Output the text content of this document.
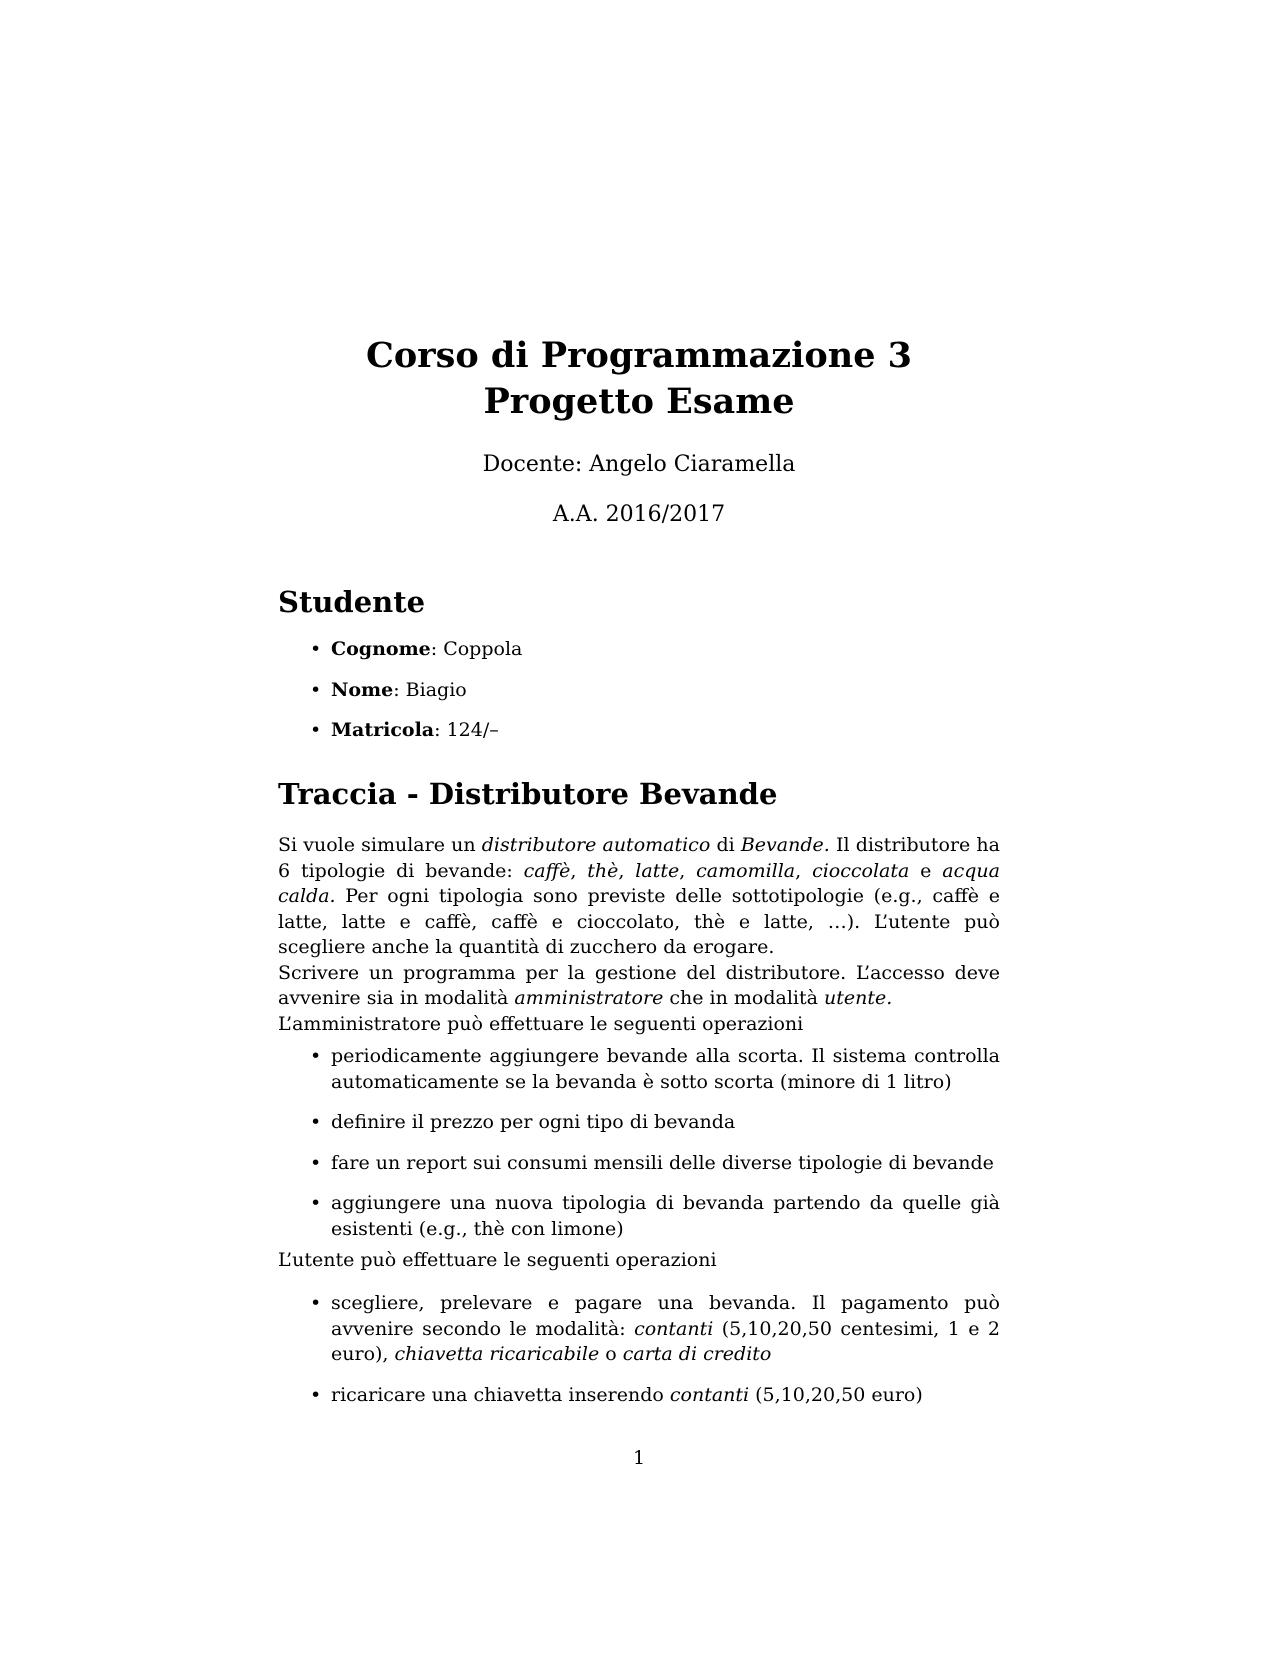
Corso di Programmazione 3

Progetto Esame

Docente: Angelo Ciaramella
A.A. 2016/2017
Studente
• Cognome: Coppola
• Nome: Biagio
• Matricola: 124/–
Traccia - Distributore Bevande
Si vuole simulare un distributore automatico di Bevande. Il distributore ha 6 tipologie di bevande: caffè, thè, latte, camomilla, cioccolata e acqua calda. Per ogni tipologia sono previste delle sottotipologie (e.g., caffè e latte, latte e caffè, caffè e cioccolato, thè e latte, …). L’utente può scegliere anche la quantità di zucchero da erogare.
Scrivere un programma per la gestione del distributore. L’accesso deve avvenire sia in modalità amministratore che in modalità utente.
L’amministratore può effettuare le seguenti operazioni
• periodicamente aggiungere bevande alla scorta. Il sistema controlla automaticamente se la bevanda è sotto scorta (minore di 1 litro)
• definire il prezzo per ogni tipo di bevanda
• fare un report sui consumi mensili delle diverse tipologie di bevande
• aggiungere una nuova tipologia di bevanda partendo da quelle già esistenti (e.g., thè con limone)
L’utente può effettuare le seguenti operazioni
• scegliere, prelevare e pagare una bevanda. Il pagamento può avvenire secondo le modalità: contanti (5,10,20,50 centesimi, 1 e 2 euro), chiavetta ricaricabile o carta di credito
• ricaricare una chiavetta inserendo contanti (5,10,20,50 euro)
1
